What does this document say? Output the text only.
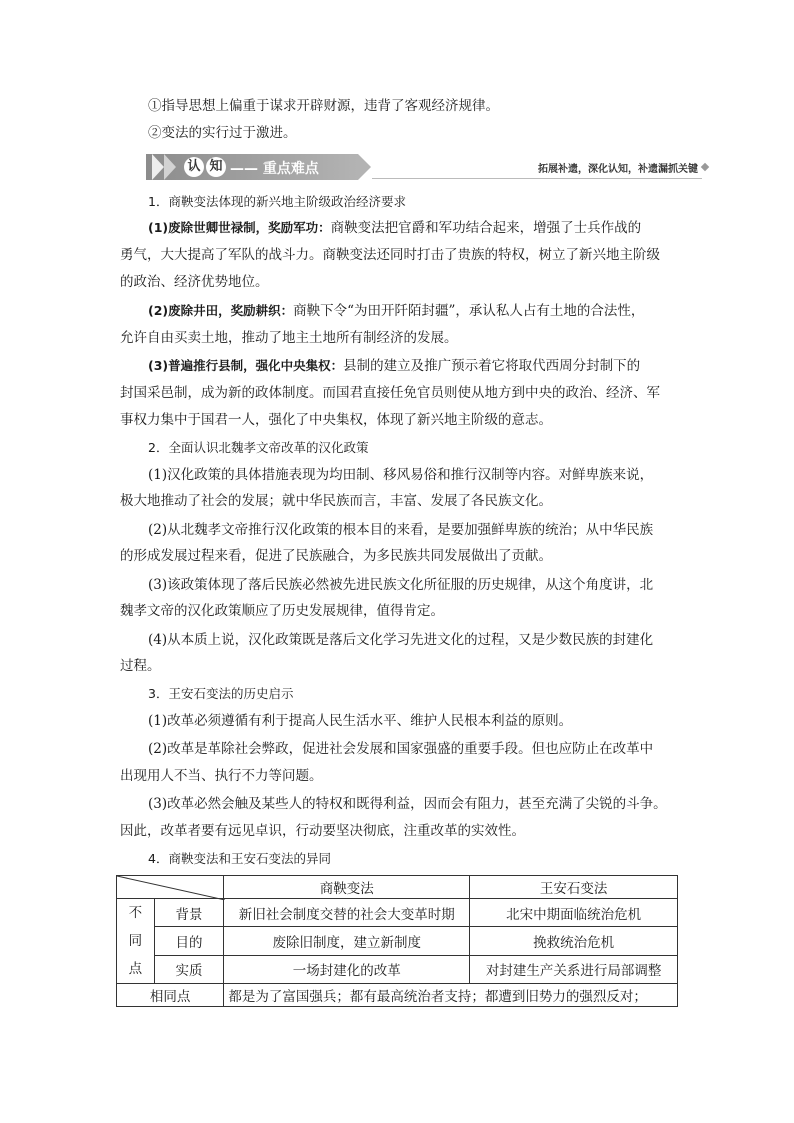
①指导思想上偏重于谋求开辟财源，违背了客观经济规律。
②变法的实行过于激进。
认 知 —— 重点难点	拓展补遗，深化认知，补遗漏抓关键
1．商鞅变法体现的新兴地主阶级政治经济要求
(1)废除世卿世禄制，奖励军功：商鞅变法把官爵和军功结合起来，增强了士兵作战的
勇气，大大提高了军队的战斗力。商鞅变法还同时打击了贵族的特权，树立了新兴地主阶级
的政治、经济优势地位。
(2)废除井田，奖励耕织：商鞅下令“为田开阡陌封疆”，承认私人占有土地的合法性，
允许自由买卖土地，推动了地主土地所有制经济的发展。
(3)普遍推行县制，强化中央集权：县制的建立及推广预示着它将取代西周分封制下的
封国采邑制，成为新的政体制度。而国君直接任免官员则使从地方到中央的政治、经济、军
事权力集中于国君一人，强化了中央集权，体现了新兴地主阶级的意志。
2．全面认识北魏孝文帝改革的汉化政策
(1)汉化政策的具体措施表现为均田制、移风易俗和推行汉制等内容。对鲜卑族来说，
极大地推动了社会的发展；就中华民族而言，丰富、发展了各民族文化。
(2)从北魏孝文帝推行汉化政策的根本目的来看，是要加强鲜卑族的统治；从中华民族
的形成发展过程来看，促进了民族融合，为多民族共同发展做出了贡献。
(3)该政策体现了落后民族必然被先进民族文化所征服的历史规律，从这个角度讲，北
魏孝文帝的汉化政策顺应了历史发展规律，值得肯定。
(4)从本质上说，汉化政策既是落后文化学习先进文化的过程，又是少数民族的封建化
过程。
3．王安石变法的历史启示
(1)改革必须遵循有利于提高人民生活水平、维护人民根本利益的原则。
(2)改革是革除社会弊政，促进社会发展和国家强盛的重要手段。但也应防止在改革中
出现用人不当、执行不力等问题。
(3)改革必然会触及某些人的特权和既得利益，因而会有阻力，甚至充满了尖锐的斗争。
因此，改革者要有远见卓识，行动要坚决彻底，注重改革的实效性。
4．商鞅变法和王安石变法的异同
	商鞅变法	王安石变法
不
同
点	背景	新旧社会制度交替的社会大变革时期	北宋中期面临统治危机
	目的	废除旧制度，建立新制度	挽救统治危机
	实质	一场封建化的改革	对封建生产关系进行局部调整
相同点		都是为了富国强兵；都有最高统治者支持；都遭到旧势力的强烈反对；	
